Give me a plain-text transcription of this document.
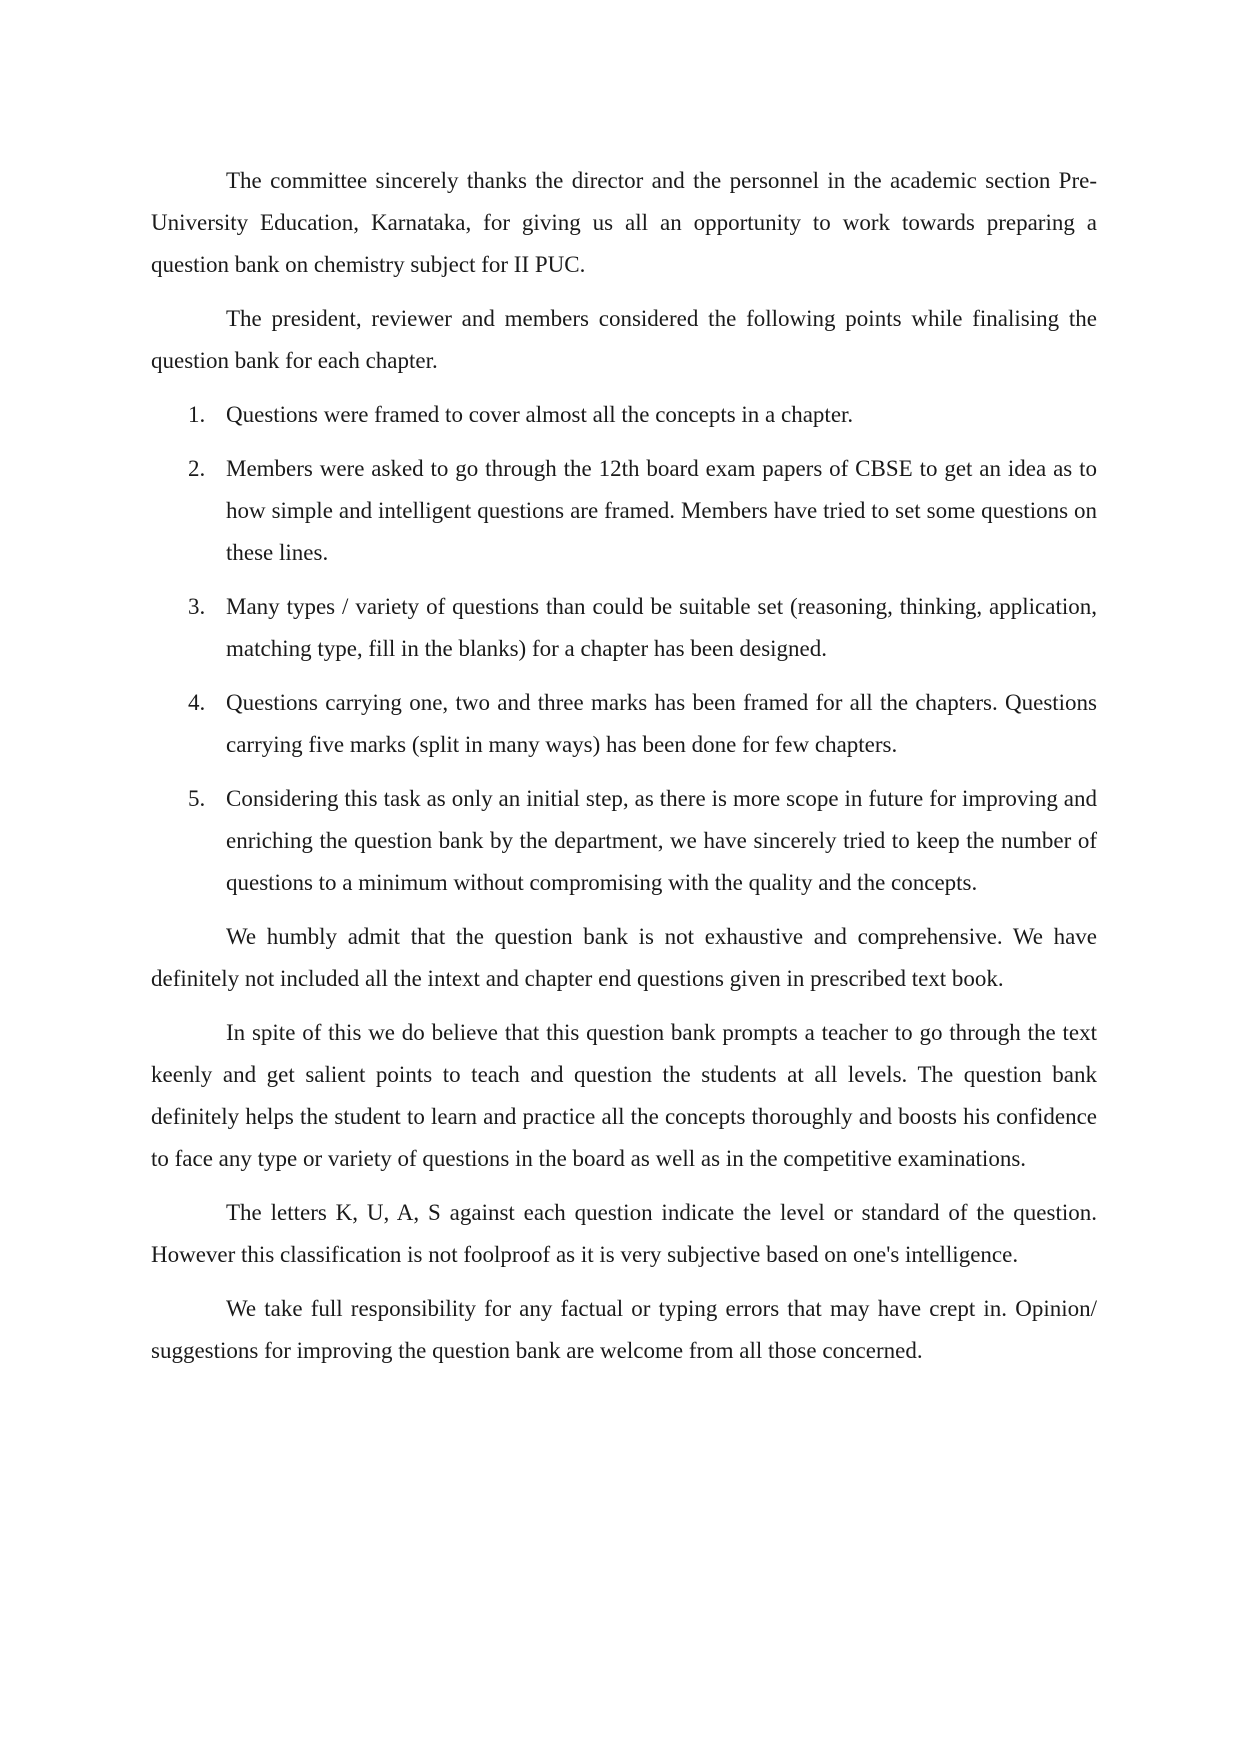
The committee sincerely thanks the director and the personnel in the academic section Pre-University Education, Karnataka, for giving us all an opportunity to work towards preparing a question bank on chemistry subject for II PUC.

The president, reviewer and members considered the following points while finalising the question bank for each chapter.

1. Questions were framed to cover almost all the concepts in a chapter.
2. Members were asked to go through the 12th board exam papers of CBSE to get an idea as to how simple and intelligent questions are framed. Members have tried to set some questions on these lines.
3. Many types / variety of questions than could be suitable set (reasoning, thinking, application, matching type, fill in the blanks) for a chapter has been designed.
4. Questions carrying one, two and three marks has been framed for all the chapters. Questions carrying five marks (split in many ways) has been done for few chapters.
5. Considering this task as only an initial step, as there is more scope in future for improving and enriching the question bank by the department, we have sincerely tried to keep the number of questions to a minimum without compromising with the quality and the concepts.

We humbly admit that the question bank is not exhaustive and comprehensive. We have definitely not included all the intext and chapter end questions given in prescribed text book.

In spite of this we do believe that this question bank prompts a teacher to go through the text keenly and get salient points to teach and question the students at all levels. The question bank definitely helps the student to learn and practice all the concepts thoroughly and boosts his confidence to face any type or variety of questions in the board as well as in the competitive examinations.

The letters K, U, A, S against each question indicate the level or standard of the question. However this classification is not foolproof as it is very subjective based on one's intelligence.

We take full responsibility for any factual or typing errors that may have crept in. Opinion/ suggestions for improving the question bank are welcome from all those concerned.
